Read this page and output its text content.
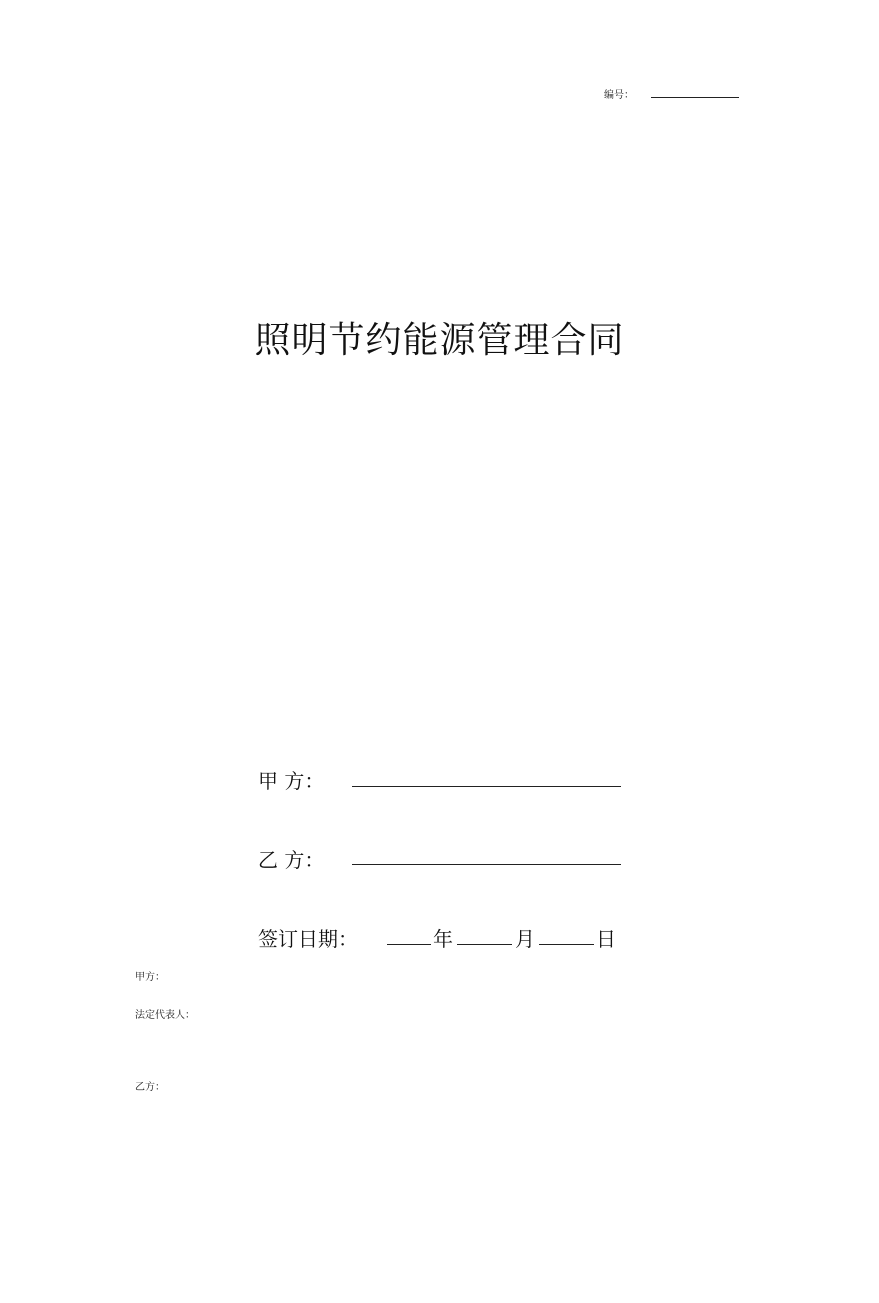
编号：
照明节约能源管理合同
甲 方：
乙 方：
签订日期：	年	月	日
甲方：
法定代表人：
乙方：
